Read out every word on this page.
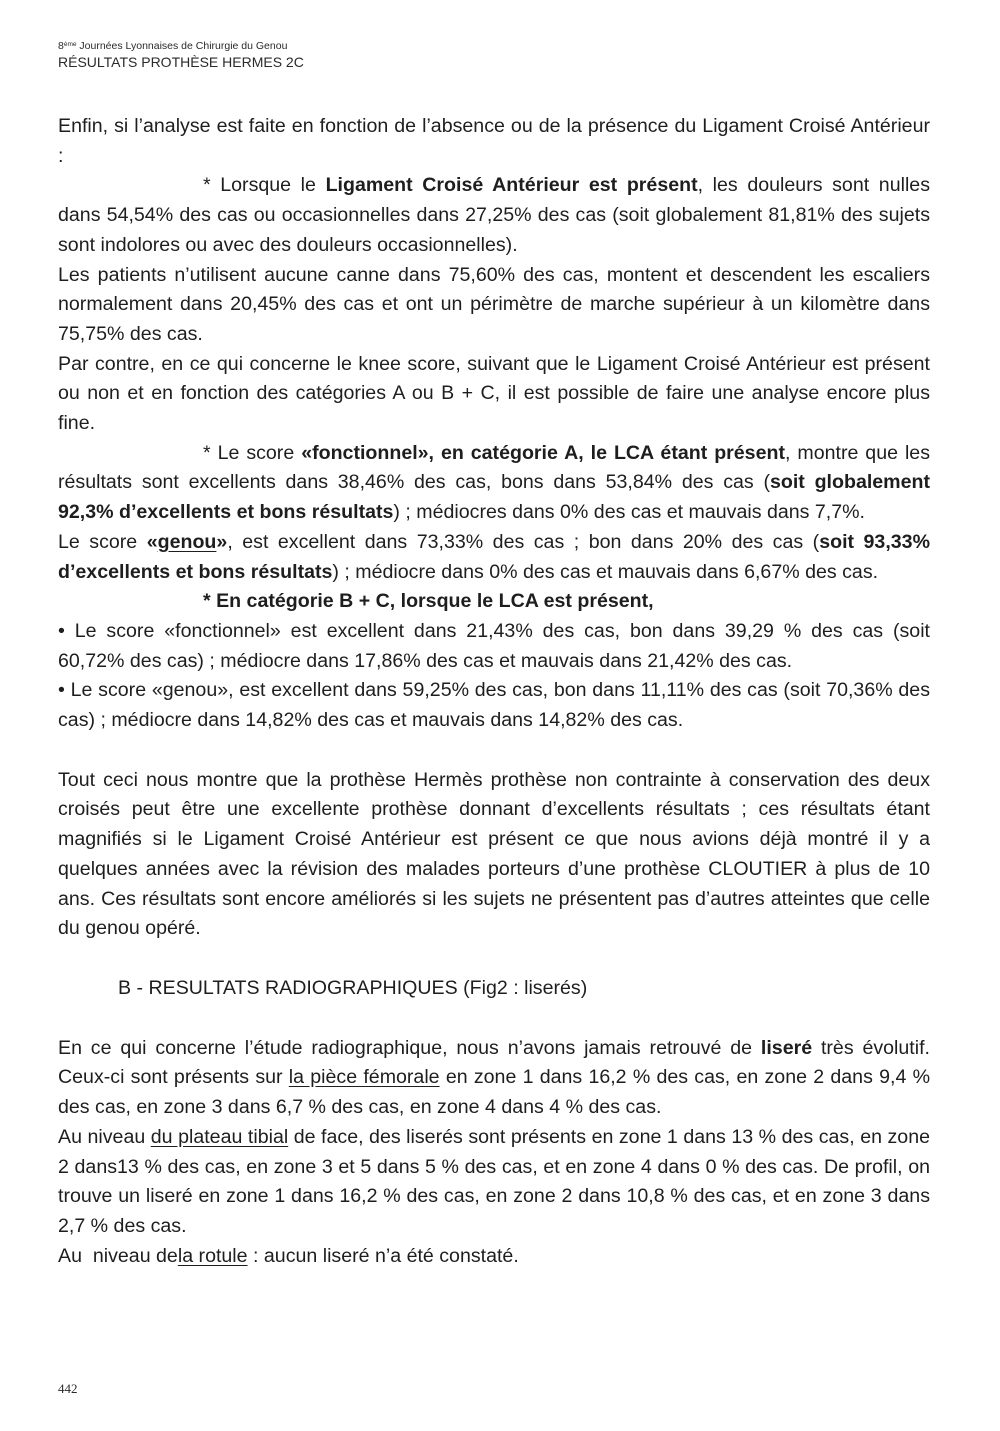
8ème Journées Lyonnaises de Chirurgie du Genou
RÉSULTATS PROTHÈSE HERMES 2C

Enfin, si l’analyse est faite en fonction de l’absence ou de la présence du Ligament Croisé Antérieur :

* Lorsque le Ligament Croisé Antérieur est présent, les douleurs sont nulles dans 54,54% des cas ou occasionnelles dans 27,25% des cas (soit globalement 81,81% des sujets sont indolores ou avec des douleurs occasionnelles).

Les patients n’utilisent aucune canne dans 75,60% des cas, montent et descendent les escaliers normalement dans 20,45% des cas et ont un périmètre de marche supérieur à un kilomètre dans 75,75% des cas.

Par contre, en ce qui concerne le knee score, suivant que le Ligament Croisé Antérieur est présent ou non et en fonction des catégories A ou B + C, il est possible de faire une analyse encore plus fine.

* Le score «fonctionnel», en catégorie A, le LCA étant présent, montre que les résultats sont excellents dans 38,46% des cas, bons dans 53,84% des cas (soit globalement 92,3% d’excellents et bons résultats) ; médiocres dans 0% des cas et mauvais dans 7,7%.

Le score «genou», est excellent dans 73,33% des cas ; bon dans 20% des cas (soit 93,33% d’excellents et bons résultats) ; médiocre dans 0% des cas et mauvais dans 6,67% des cas.

* En catégorie B + C, lorsque le LCA est présent,

• Le score «fonctionnel» est excellent dans 21,43% des cas, bon dans 39,29 % des cas (soit 60,72% des cas) ; médiocre dans 17,86% des cas et mauvais dans 21,42% des cas.

• Le score «genou», est excellent dans 59,25% des cas, bon dans 11,11% des cas (soit 70,36% des cas) ; médiocre dans 14,82% des cas et mauvais dans 14,82% des cas.

Tout ceci nous montre que la prothèse Hermès prothèse non contrainte à conservation des deux croisés peut être une excellente prothèse donnant d’excellents résultats ; ces résultats étant magnifiés si le Ligament Croisé Antérieur est présent ce que nous avions déjà montré il y a quelques années avec la révision des malades porteurs d’une prothèse CLOUTIER à plus de 10 ans. Ces résultats sont encore améliorés si les sujets ne présentent pas d’autres atteintes que celle du genou opéré.

B - RESULTATS RADIOGRAPHIQUES (Fig2 : liserés)

En ce qui concerne l’étude radiographique, nous n’avons jamais retrouvé de liseré très évolutif. Ceux-ci sont présents sur la pièce fémorale en zone 1 dans 16,2 % des cas, en zone 2 dans 9,4 % des cas, en zone 3 dans 6,7 % des cas, en zone 4 dans 4 % des cas.

Au niveau du plateau tibial de face, des liserés sont présents en zone 1 dans 13 % des cas, en zone 2 dans13 % des cas, en zone 3 et 5 dans 5 % des cas, et en zone 4 dans 0 % des cas. De profil, on trouve un liseré en zone 1 dans 16,2 % des cas, en zone 2 dans 10,8 % des cas, et en zone 3 dans 2,7 % des cas.

Au  niveau dela rotule : aucun liseré n’a été constaté.

442
